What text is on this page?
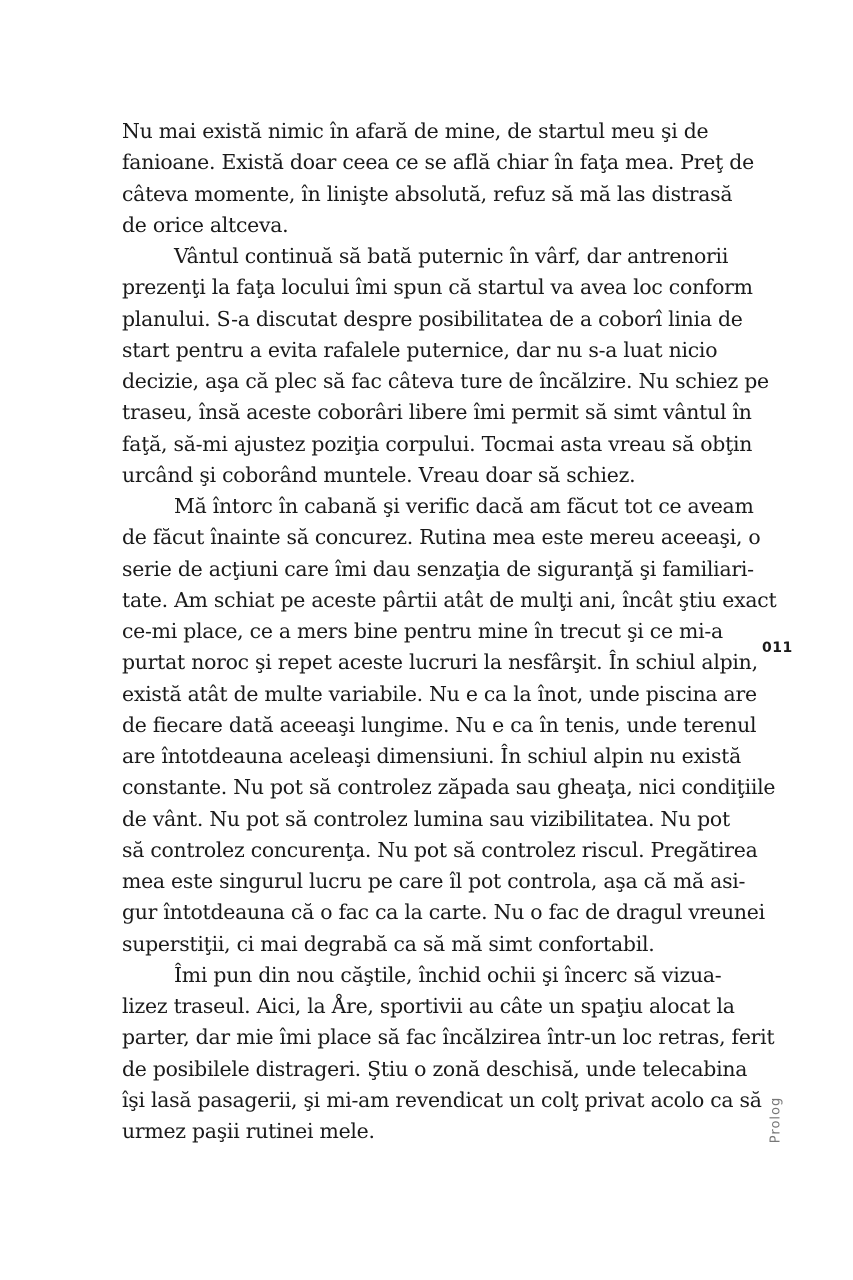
Nu mai există nimic în afară de mine, de startul meu şi de
fanioane. Există doar ceea ce se află chiar în faţa mea. Preţ de
câteva momente, în linişte absolută, refuz să mă las distrasă
de orice altceva.
Vântul continuă să bată puternic în vârf, dar antrenorii
prezenţi la faţa locului îmi spun că startul va avea loc conform
planului. S-a discutat despre posibilitatea de a coborî linia de
start pentru a evita rafalele puternice, dar nu s-a luat nicio
decizie, aşa că plec să fac câteva ture de încălzire. Nu schiez pe
traseu, însă aceste coborâri libere îmi permit să simt vântul în
faţă, să-mi ajustez poziţia corpului. Tocmai asta vreau să obţin
urcând şi coborând muntele. Vreau doar să schiez.
Mă întorc în cabană şi verific dacă am făcut tot ce aveam
de făcut înainte să concurez. Rutina mea este mereu aceeaşi, o
serie de acţiuni care îmi dau senzaţia de siguranţă şi familiari-
tate. Am schiat pe aceste pârtii atât de mulţi ani, încât ştiu exact
ce-mi place, ce a mers bine pentru mine în trecut şi ce mi-a
purtat noroc şi repet aceste lucruri la nesfârşit. În schiul alpin,
există atât de multe variabile. Nu e ca la înot, unde piscina are
de fiecare dată aceeaşi lungime. Nu e ca în tenis, unde terenul
are întotdeauna aceleaşi dimensiuni. În schiul alpin nu există
constante. Nu pot să controlez zăpada sau gheaţa, nici condiţiile
de vânt. Nu pot să controlez lumina sau vizibilitatea. Nu pot
să controlez concurenţa. Nu pot să controlez riscul. Pregătirea
mea este singurul lucru pe care îl pot controla, aşa că mă asi-
gur întotdeauna că o fac ca la carte. Nu o fac de dragul vreunei
superstiţii, ci mai degrabă ca să mă simt confortabil.
Îmi pun din nou căştile, închid ochii şi încerc să vizua-
lizez traseul. Aici, la Åre, sportivii au câte un spaţiu alocat la
parter, dar mie îmi place să fac încălzirea într-un loc retras, ferit
de posibilele distrageri. Ştiu o zonă deschisă, unde telecabina
îşi lasă pasagerii, şi mi-am revendicat un colţ privat acolo ca să
urmez paşii rutinei mele.
011
Prolog
